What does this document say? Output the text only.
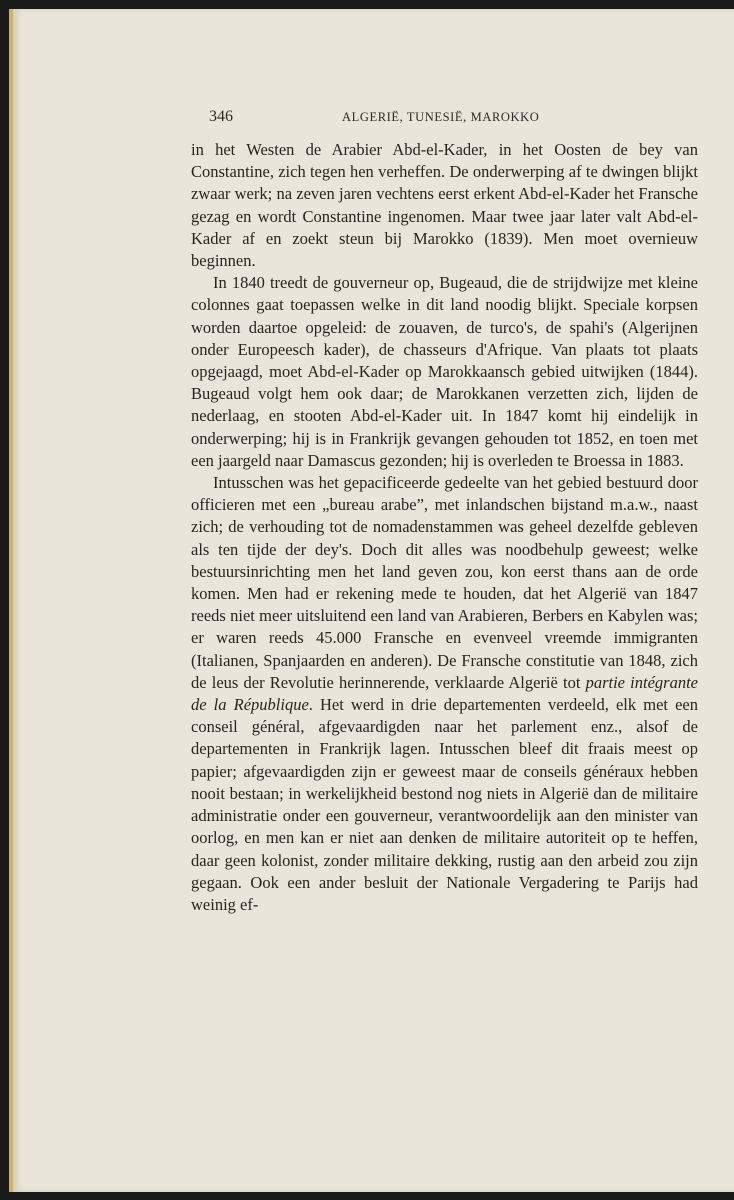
346	ALGERIË, TUNESIË, MAROKKO

in het Westen de Arabier Abd-el-Kader, in het Oosten de bey van Constantine, zich tegen hen verheffen. De onderwerping af te dwingen blijkt zwaar werk; na zeven jaren vechtens eerst erkent Abd-el-Kader het Fransche gezag en wordt Constantine ingenomen. Maar twee jaar later valt Abd-el-Kader af en zoekt steun bij Marokko (1839). Men moet overnieuw beginnen.

In 1840 treedt de gouverneur op, Bugeaud, die de strijdwijze met kleine colonnes gaat toepassen welke in dit land noodig blijkt. Speciale korpsen worden daartoe opgeleid: de zouaven, de turco's, de spahi's (Algerijnen onder Europeesch kader), de chasseurs d'Afrique. Van plaats tot plaats opgejaagd, moet Abd-el-Kader op Marokkaansch gebied uitwijken (1844). Bugeaud volgt hem ook daar; de Marokkanen verzetten zich, lijden de nederlaag, en stooten Abd-el-Kader uit. In 1847 komt hij eindelijk in onderwerping; hij is in Frankrijk gevangen gehouden tot 1852, en toen met een jaargeld naar Damascus gezonden; hij is overleden te Broessa in 1883.

Intusschen was het gepacificeerde gedeelte van het gebied bestuurd door officieren met een „bureau arabe”, met inlandschen bijstand m.a.w., naast zich; de verhouding tot de nomadenstammen was geheel dezelfde gebleven als ten tijde der dey's. Doch dit alles was noodbehulp geweest; welke bestuursinrichting men het land geven zou, kon eerst thans aan de orde komen. Men had er rekening mede te houden, dat het Algerië van 1847 reeds niet meer uitsluitend een land van Arabieren, Berbers en Kabylen was; er waren reeds 45.000 Fransche en evenveel vreemde immigranten (Italianen, Spanjaarden en anderen). De Fransche constitutie van 1848, zich de leus der Revolutie herinnerende, verklaarde Algerië tot partie intégrante de la République. Het werd in drie departementen verdeeld, elk met een conseil général, afgevaardigden naar het parlement enz., alsof de departementen in Frankrijk lagen. Intusschen bleef dit fraais meest op papier; afgevaardigden zijn er geweest maar de conseils généraux hebben nooit bestaan; in werkelijkheid bestond nog niets in Algerië dan de militaire administratie onder een gouverneur, verantwoordelijk aan den minister van oorlog, en men kan er niet aan denken de militaire autoriteit op te heffen, daar geen kolonist, zonder militaire dekking, rustig aan den arbeid zou zijn gegaan. Ook een ander besluit der Nationale Vergadering te Parijs had weinig ef-
